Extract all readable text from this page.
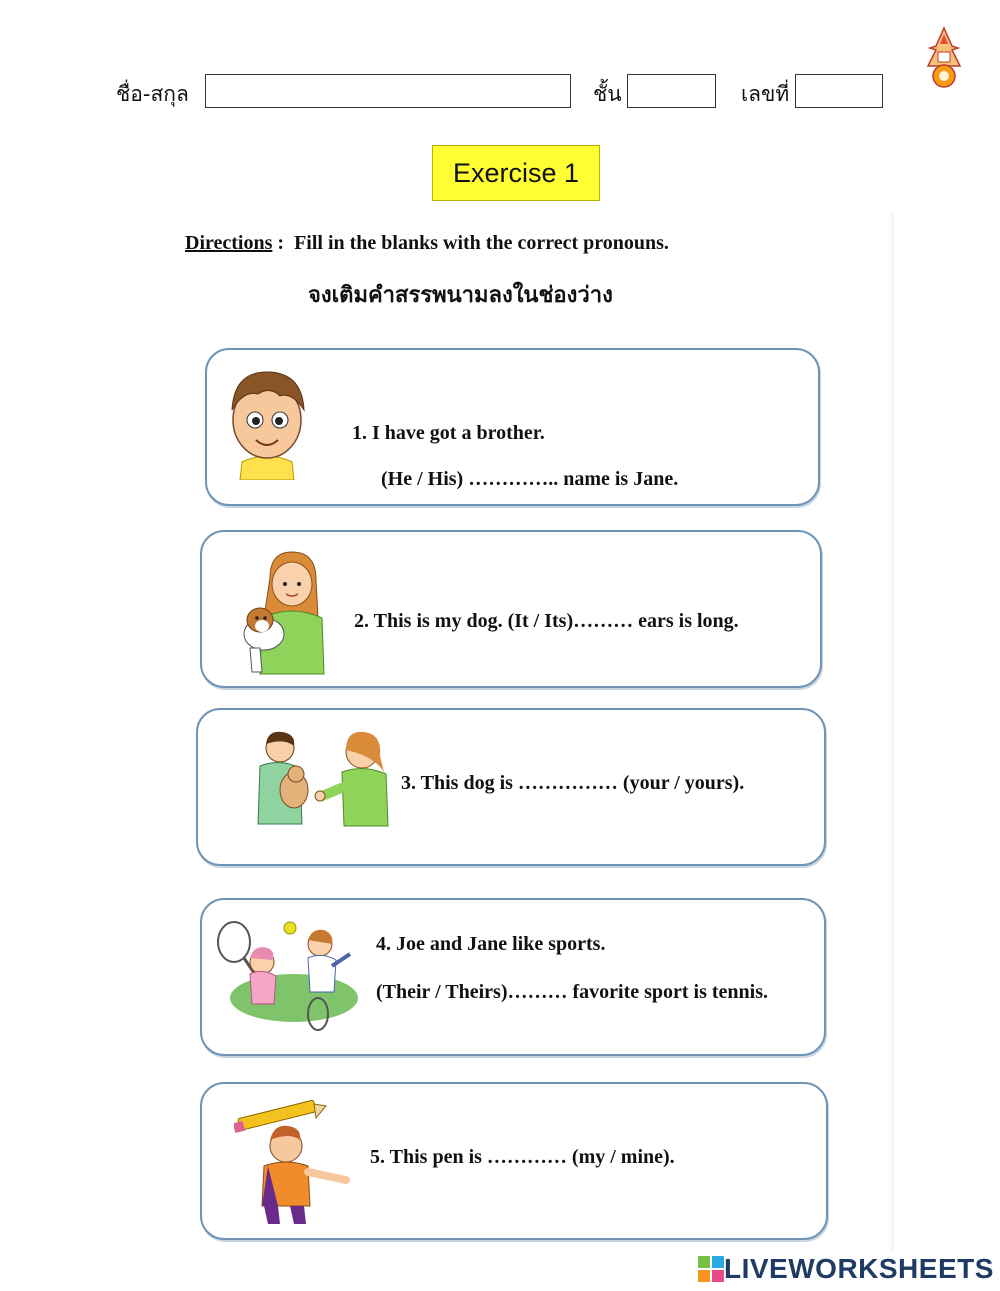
ชื่อ-สกุล	ชั้น	เลขที่
Exercise 1
Directions : Fill in the blanks with the correct pronouns.
จงเติมคำสรรพนามลงในช่องว่าง
1. I have got a brother.
(He / His) ………….. name is Jane.
2. This is my dog. (It / Its)……… ears is long.
3. This dog is …………… (your / yours).
4. Joe and Jane like sports.
(Their / Theirs)……… favorite sport is tennis.
5. This pen is ………… (my / mine).
LIVEWORKSHEETS
